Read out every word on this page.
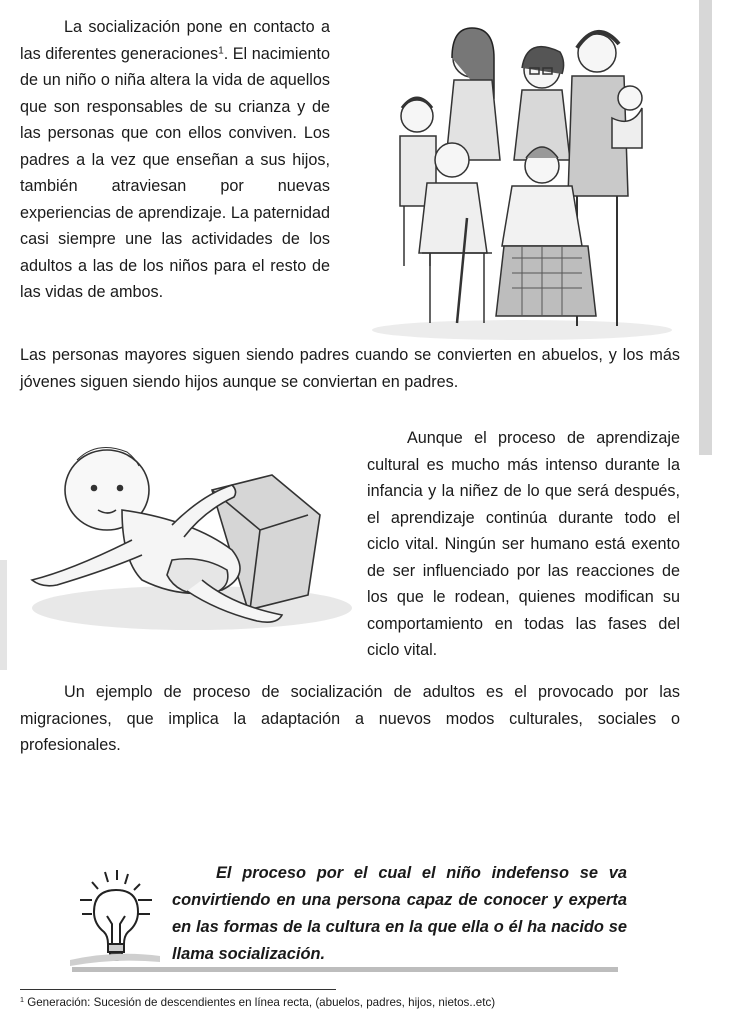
La socialización pone en contacto a las diferentes generaciones$^1$. El nacimiento de un niño o niña altera la vida de aquellos que son responsables de su crianza y de las personas que con ellos conviven. Los padres a la vez que enseñan a sus hijos, también atraviesan por nuevas experiencias de aprendizaje. La paternidad casi siempre une las actividades de los adultos a las de los niños para el resto de las vidas de ambos.

Las personas mayores siguen siendo padres cuando se convierten en abuelos, y los más jóvenes siguen siendo hijos aunque se conviertan en padres.

Aunque el proceso de aprendizaje cultural es mucho más intenso durante la infancia y la niñez de lo que será después, el aprendizaje continúa durante todo el ciclo vital. Ningún ser humano está exento de ser influenciado por las reacciones de los que le rodean, quienes modifican su comportamiento en todas las fases del ciclo vital.

Un ejemplo de proceso de socialización de adultos es el provocado por las migraciones, que implica la adaptación a nuevos modos culturales, sociales o profesionales.

El proceso por el cual el niño indefenso se va convirtiendo en una persona capaz de conocer y experta en las formas de la cultura en la que ella o él ha nacido se llama socialización.

$^1$ Generación: Sucesión de descendientes en línea recta, (abuelos, padres, hijos, nietos..etc)
